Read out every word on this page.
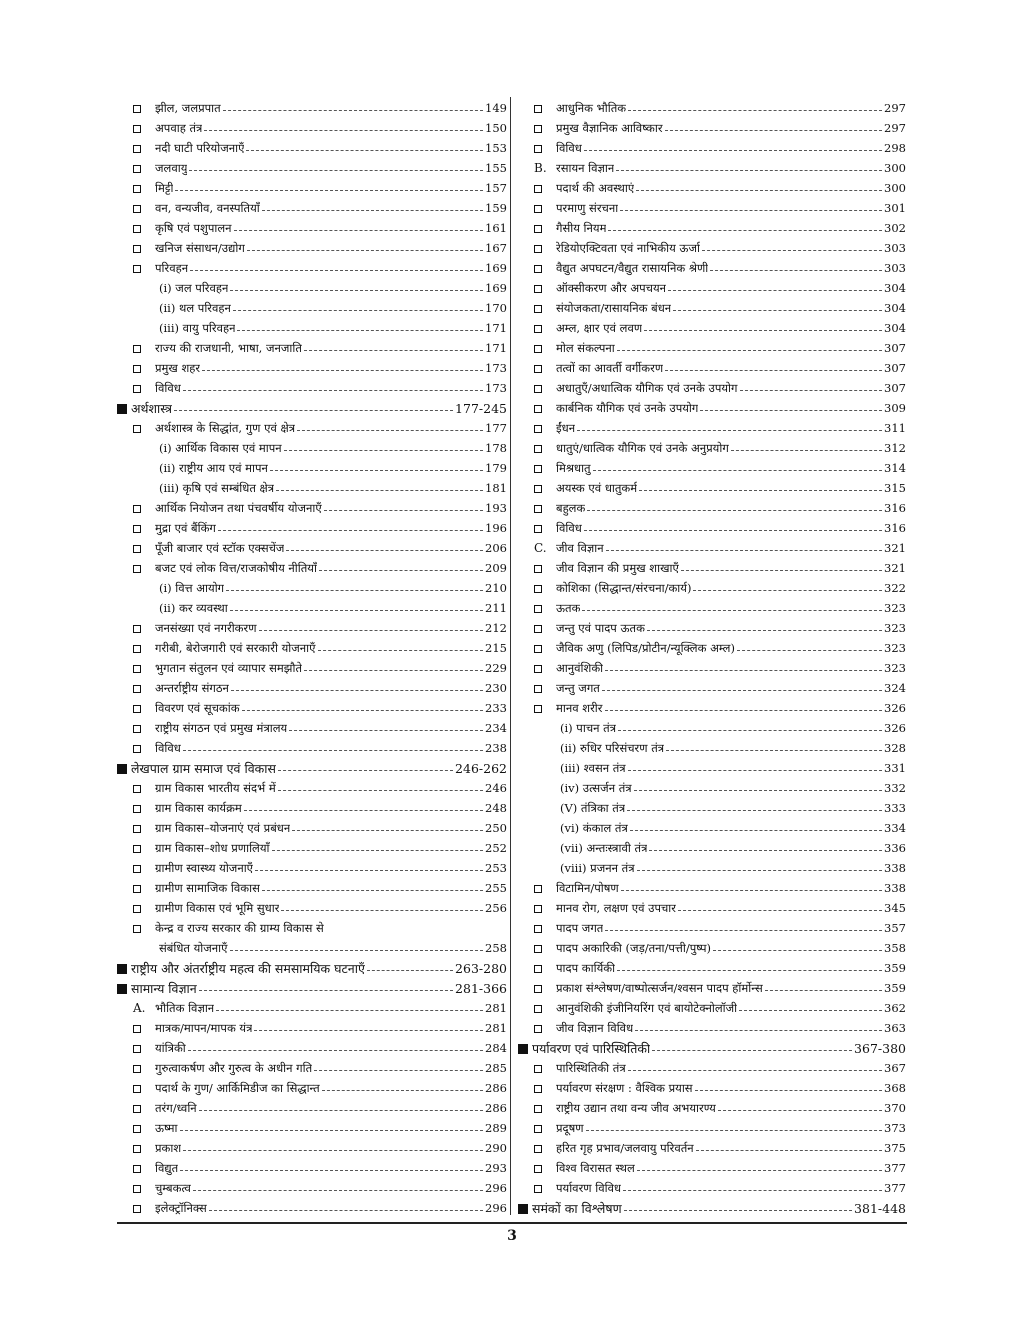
झील, जलप्रपात	149
अपवाह तंत्र	150
नदी घाटी परियोजनाएँ	153
जलवायु	155
मिट्टी	157
वन, वन्यजीव, वनस्पतियाँ	159
कृषि एवं पशुपालन	161
खनिज संसाधन/उद्योग	167
परिवहन	169
(i) जल परिवहन	169
(ii) थल परिवहन	170
(iii) वायु परिवहन	171
राज्य की राजधानी, भाषा, जनजाति	171
प्रमुख शहर	173
विविध	173
अर्थशास्त्र	177-245
अर्थशास्त्र के सिद्धांत, गुण एवं क्षेत्र	177
(i) आर्थिक विकास एवं मापन	178
(ii) राष्ट्रीय आय एवं मापन	179
(iii) कृषि एवं सम्बंधित क्षेत्र	181
आर्थिक नियोजन तथा पंचवर्षीय योजनाएँ	193
मुद्रा एवं बैंकिंग	196
पूँजी बाजार एवं स्टॉक एक्सचेंज	206
बजट एवं लोक वित्त/राजकोषीय नीतियाँ	209
(i) वित्त आयोग	210
(ii) कर व्यवस्था	211
जनसंख्या एवं नगरीकरण	212
गरीबी, बेरोजगारी एवं सरकारी योजनाएँ	215
भुगतान संतुलन एवं व्यापार समझौते	229
अन्तर्राष्ट्रीय संगठन	230
विवरण एवं सूचकांक	233
राष्ट्रीय संगठन एवं प्रमुख मंत्रालय	234
विविध	238
लेखपाल ग्राम समाज एवं विकास	246-262
ग्राम विकास भारतीय संदर्भ में	246
ग्राम विकास कार्यक्रम	248
ग्राम विकास–योजनाएं एवं प्रबंधन	250
ग्राम विकास–शोध प्रणालियाँ	252
ग्रामीण स्वास्थ्य योजनाएँ	253
ग्रामीण सामाजिक विकास	255
ग्रामीण विकास एवं भूमि सुधार	256
केन्द्र व राज्य सरकार की ग्राम्य विकास से
संबंधित योजनाएँ	258
राष्ट्रीय और अंतर्राष्ट्रीय महत्व की समसामयिक घटनाएँ	263-280
सामान्य विज्ञान	281-366
A. भौतिक विज्ञान	281
मात्रक/मापन/मापक यंत्र	281
यांत्रिकी	284
गुरुत्वाकर्षण और गुरुत्व के अधीन गति	285
पदार्थ के गुण/ आर्किमिडीज का सिद्धान्त	286
तरंग/ध्वनि	286
ऊष्मा	289
प्रकाश	290
विद्युत	293
चुम्बकत्व	296
इलेक्ट्रॉनिक्स	296
आधुनिक भौतिक	297
प्रमुख वैज्ञानिक आविष्कार	297
विविध	298
B. रसायन विज्ञान	300
पदार्थ की अवस्थाएं	300
परमाणु संरचना	301
गैसीय नियम	302
रेडियोएक्टिवता एवं नाभिकीय ऊर्जा	303
वैद्युत अपघटन/वैद्युत रासायनिक श्रेणी	303
ऑक्सीकरण और अपचयन	304
संयोजकता/रासायनिक बंधन	304
अम्ल, क्षार एवं लवण	304
मोल संकल्पना	307
तत्वों का आवर्ती वर्गीकरण	307
अधातुएँ/अधात्विक यौगिक एवं उनके उपयोग	307
कार्बनिक यौगिक एवं उनके उपयोग	309
ईंधन	311
धातुएं/धात्विक यौगिक एवं उनके अनुप्रयोग	312
मिश्रधातु	314
अयस्क एवं धातुकर्म	315
बहुलक	316
विविध	316
C. जीव विज्ञान	321
जीव विज्ञान की प्रमुख शाखाएँ	321
कोशिका (सिद्धान्त/संरचना/कार्य)	322
ऊतक	323
जन्तु एवं पादप ऊतक	323
जैविक अणु (लिपिड/प्रोटीन/न्यूक्लिक अम्ल)	323
आनुवंशिकी	323
जन्तु जगत	324
मानव शरीर	326
(i) पाचन तंत्र	326
(ii) रुधिर परिसंचरण तंत्र	328
(iii) श्वसन तंत्र	331
(iv) उत्सर्जन तंत्र	332
(V) तंत्रिका तंत्र	333
(vi) कंकाल तंत्र	334
(vii) अन्तःस्त्रावी तंत्र	336
(viii) प्रजनन तंत्र	338
विटामिन/पोषण	338
मानव रोग, लक्षण एवं उपचार	345
पादप जगत	357
पादप अकारिकी (जड़/तना/पत्ती/पुष्प)	358
पादप कार्यिकी	359
प्रकाश संश्लेषण/वाष्पोत्सर्जन/श्वसन पादप हॉर्मोन्स	359
आनुवंशिकी इंजीनियरिंग एवं बायोटेक्नोलॉजी	362
जीव विज्ञान विविध	363
पर्यावरण एवं पारिस्थितिकी	367-380
पारिस्थितिकी तंत्र	367
पर्यावरण संरक्षण : वैश्विक प्रयास	368
राष्ट्रीय उद्यान तथा वन्य जीव अभयारण्य	370
प्रदूषण	373
हरित गृह प्रभाव/जलवायु परिवर्तन	375
विश्व विरासत स्थल	377
पर्यावरण विविध	377
समंकों का विश्लेषण	381-448
3
